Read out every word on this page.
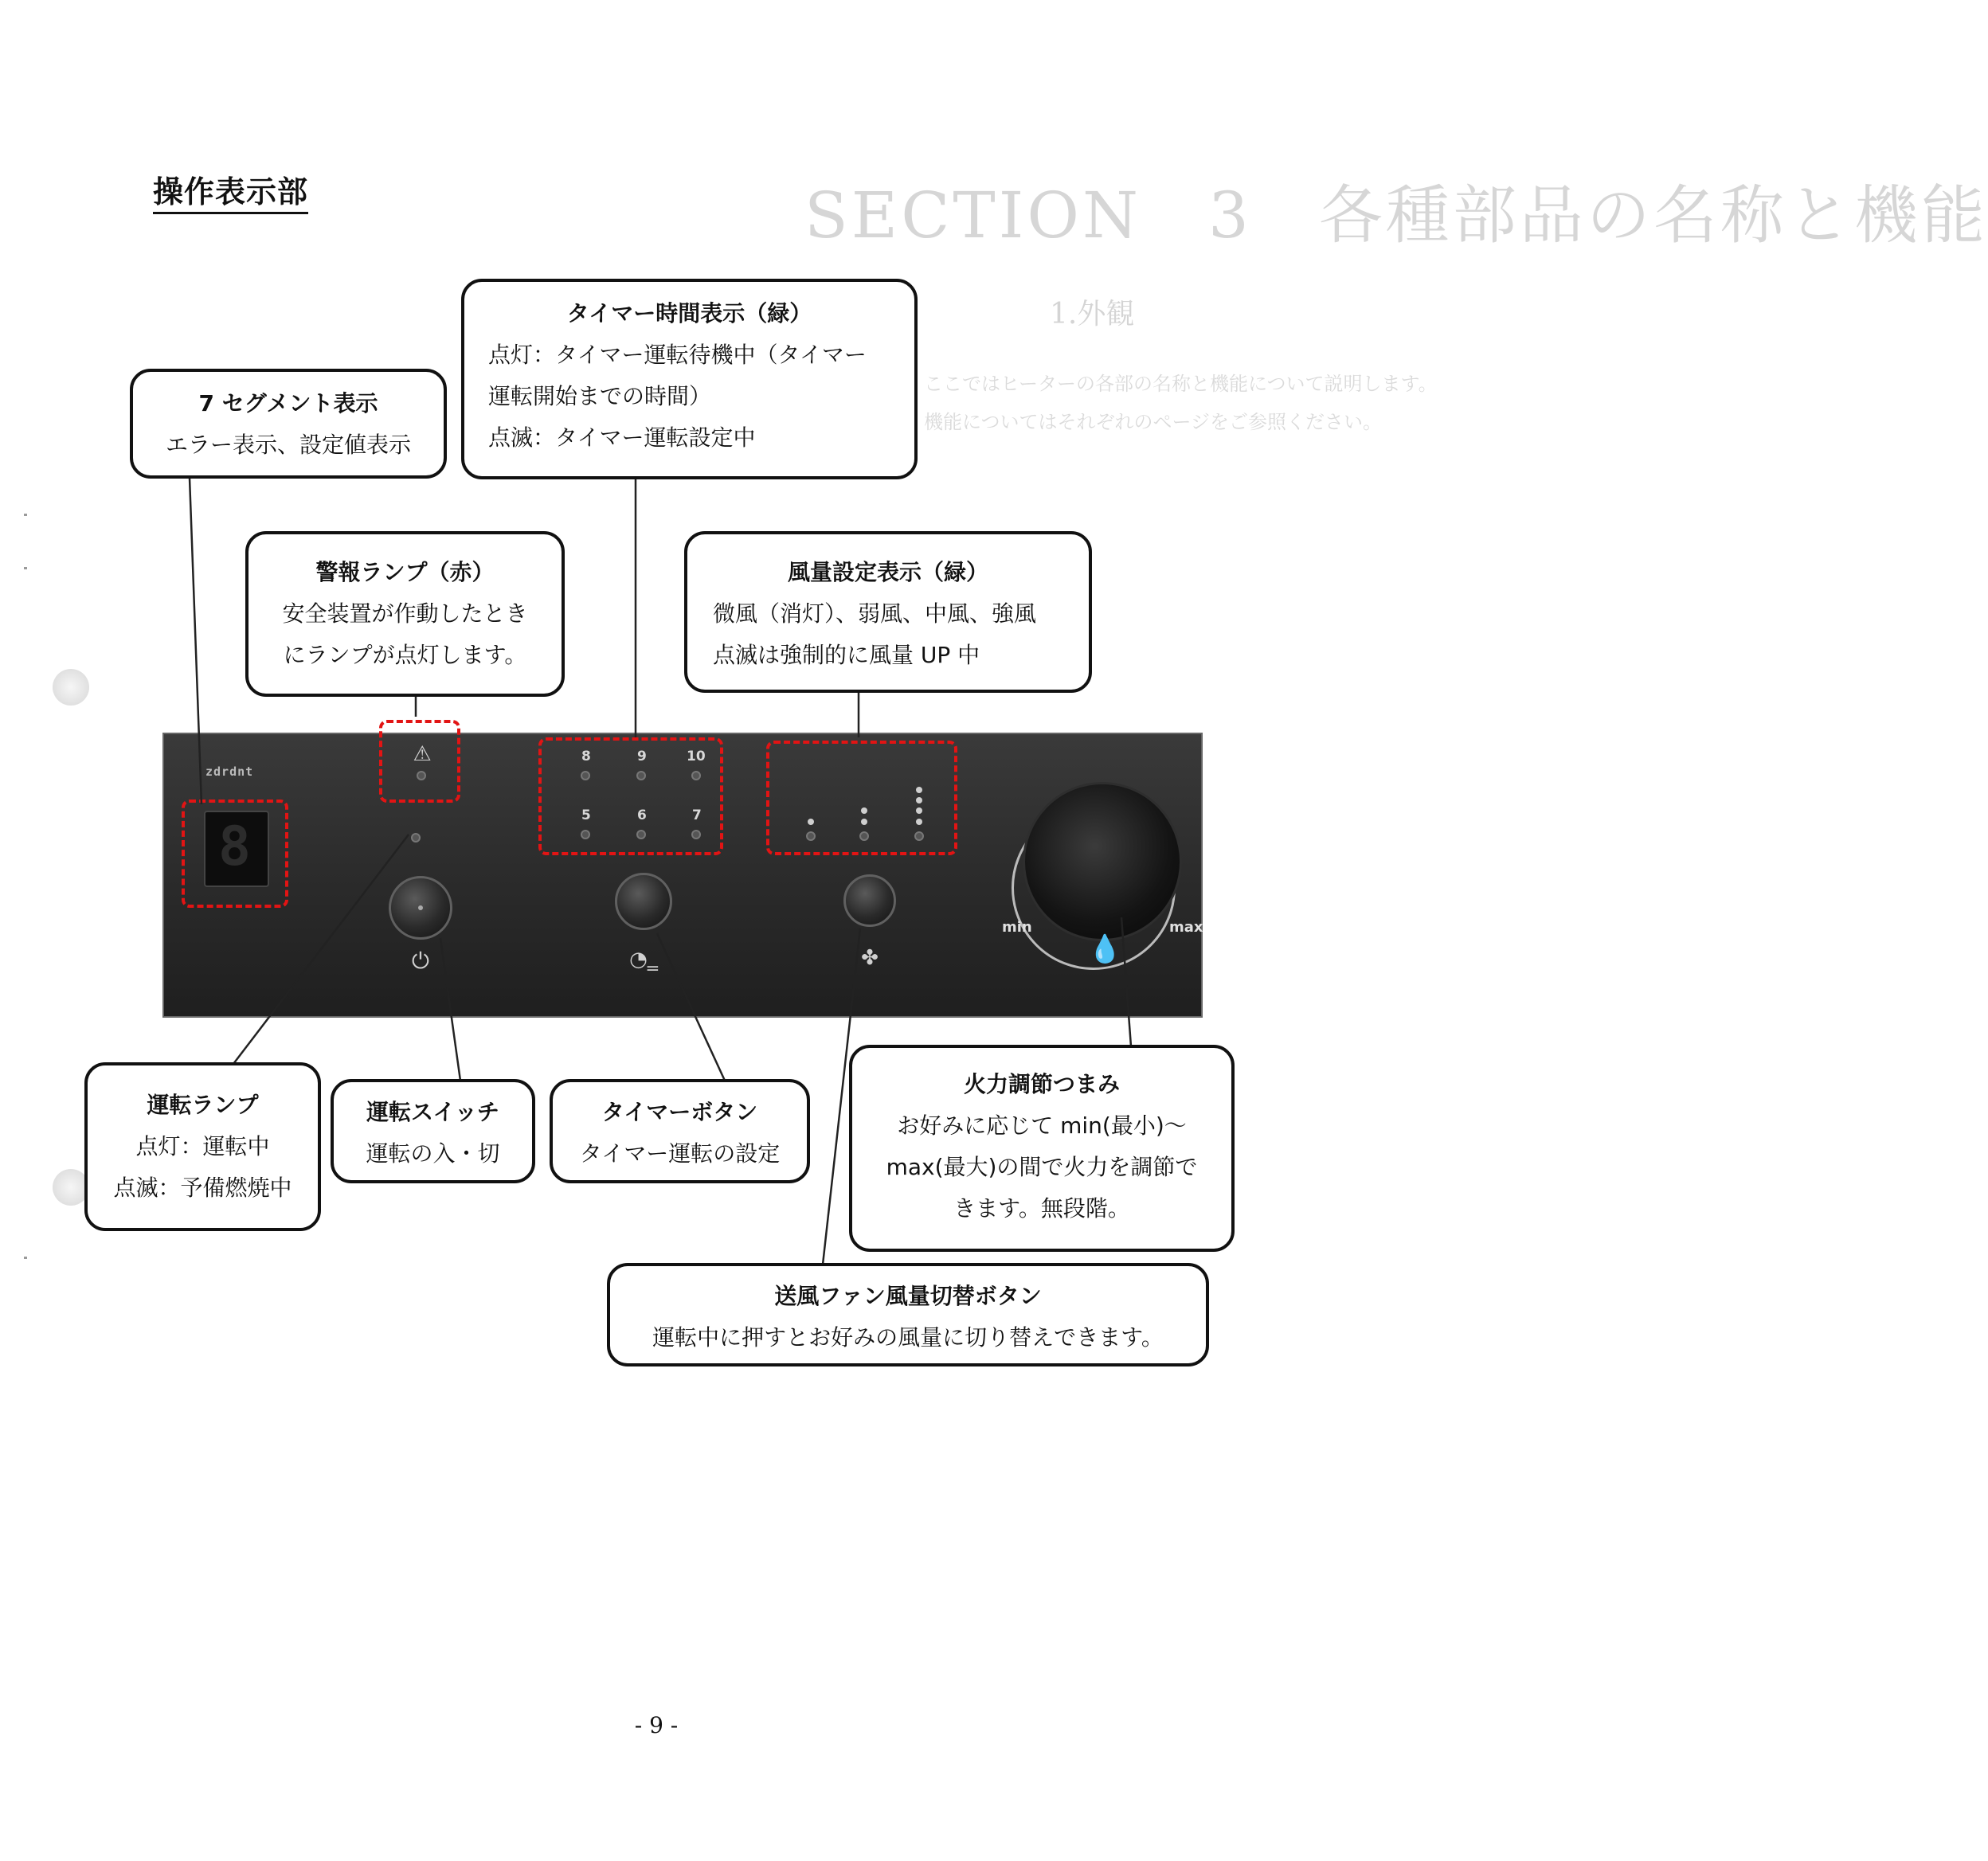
SECTION　3　各種部品の名称と機能
1.外観
ここではヒーターの各部の名称と機能について説明します。
機能についてはそれぞれのページをご参照ください。
操作表示部
zdrdnt
8
⚠	8	9	10
5	6	7
⏻	◔‗	✤
min	max
💧
7 セグメント表示
エラー表示、設定値表示
タイマー時間表示（緑）
点灯：タイマー運転待機中（タイマー
運転開始までの時間）
点滅：タイマー運転設定中
警報ランプ（赤）
安全装置が作動したとき
にランプが点灯します。
風量設定表示（緑）
微風（消灯）、弱風、中風、強風
点滅は強制的に風量 UP 中
運転ランプ
点灯：運転中
点滅：予備燃焼中
運転スイッチ
運転の入・切
タイマーボタン
タイマー運転の設定
火力調節つまみ
お好みに応じて min(最小)～
max(最大)の間で火力を調節で
きます。無段階。
送風ファン風量切替ボタン
運転中に押すとお好みの風量に切り替えできます。
- 9 -
